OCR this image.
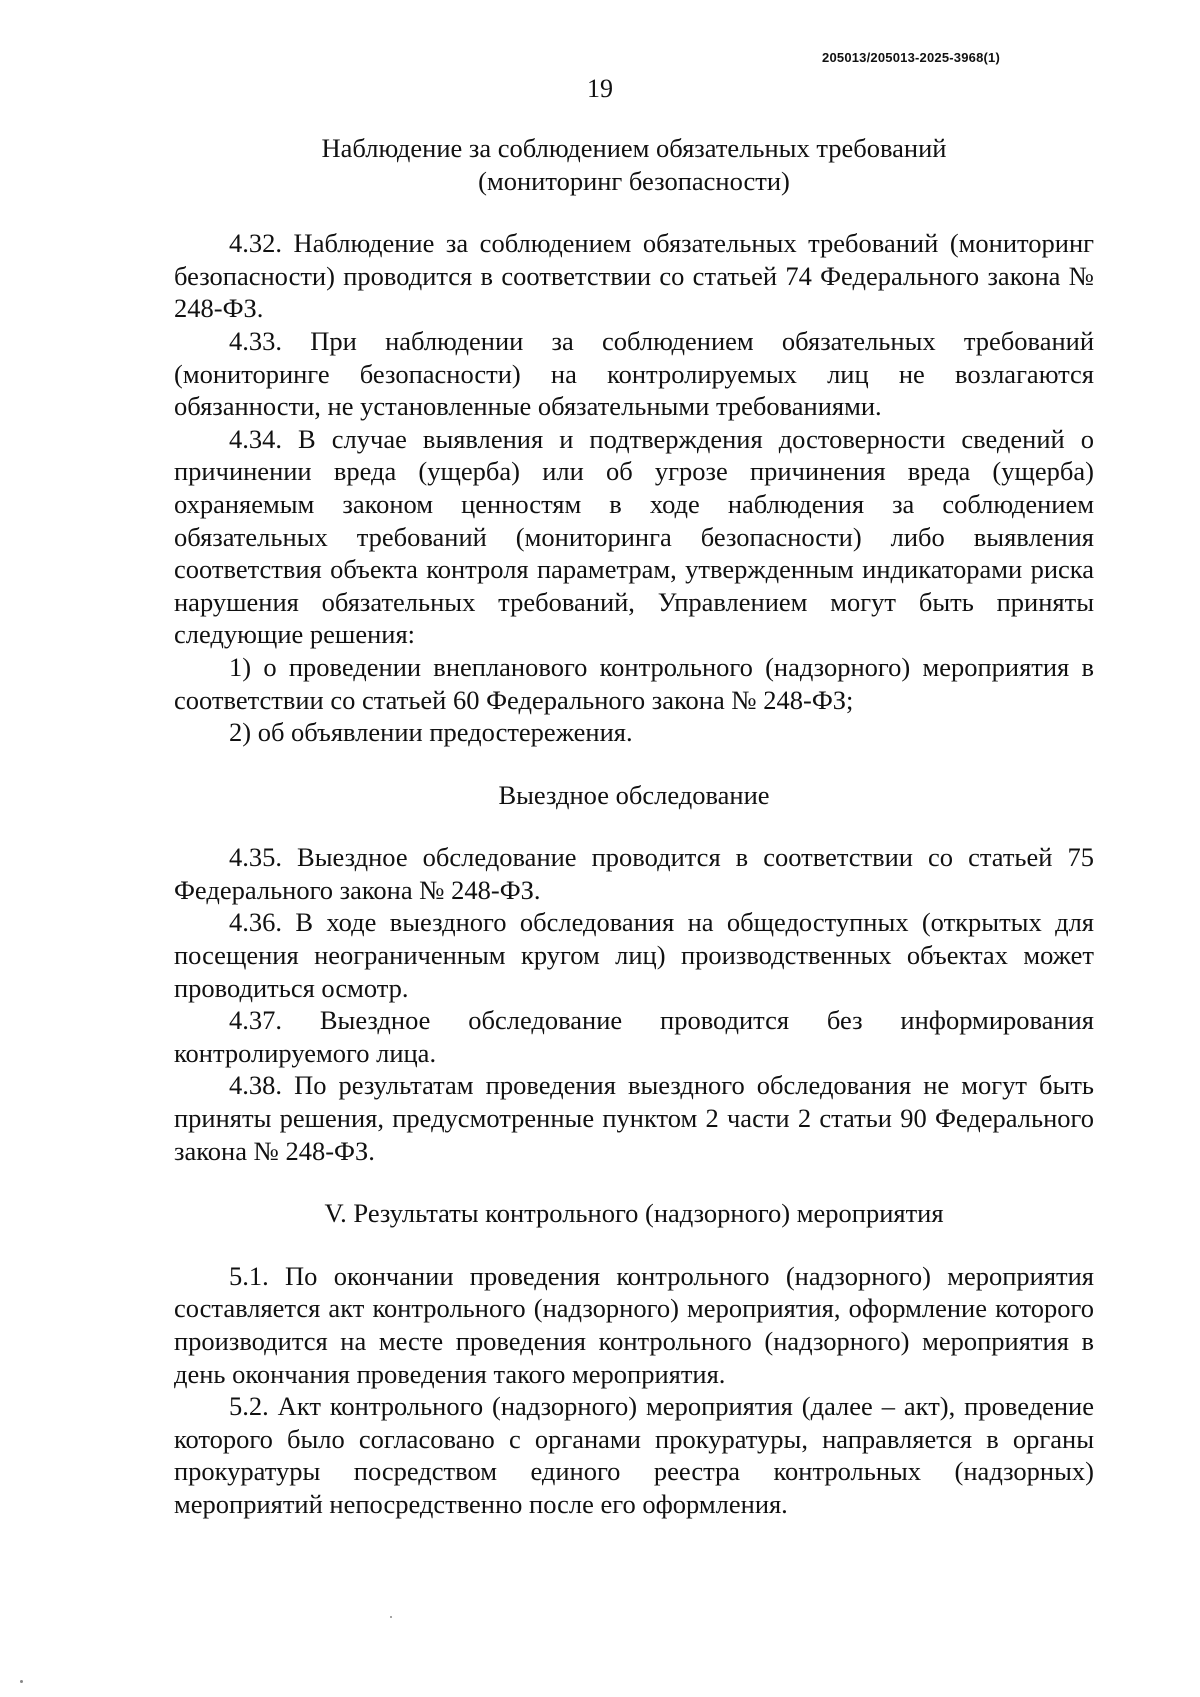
205013/205013-2025-3968(1)
19
Наблюдение за соблюдением обязательных требований
(мониторинг безопасности)

4.32. Наблюдение за соблюдением обязательных требований (мониторинг безопасности) проводится в соответствии со статьей 74 Федерального закона № 248-ФЗ.

4.33. При наблюдении за соблюдением обязательных требований (мониторинге безопасности) на контролируемых лиц не возлагаются обязанности, не установленные обязательными требованиями.

4.34. В случае выявления и подтверждения достоверности сведений о причинении вреда (ущерба) или об угрозе причинения вреда (ущерба) охраняемым законом ценностям в ходе наблюдения за соблюдением обязательных требований (мониторинга безопасности) либо выявления соответствия объекта контроля параметрам, утвержденным индикаторами риска нарушения обязательных требований, Управлением могут быть приняты следующие решения:

1) о проведении внепланового контрольного (надзорного) мероприятия в соответствии со статьей 60 Федерального закона № 248-ФЗ;

2) об объявлении предостережения.

Выездное обследование

4.35. Выездное обследование проводится в соответствии со статьей 75 Федерального закона № 248-ФЗ.

4.36. В ходе выездного обследования на общедоступных (открытых для посещения неограниченным кругом лиц) производственных объектах может проводиться осмотр.

4.37. Выездное обследование проводится без информирования контролируемого лица.

4.38. По результатам проведения выездного обследования не могут быть приняты решения, предусмотренные пунктом 2 части 2 статьи 90 Федерального закона № 248-ФЗ.

V. Результаты контрольного (надзорного) мероприятия

5.1. По окончании проведения контрольного (надзорного) мероприятия составляется акт контрольного (надзорного) мероприятия, оформление которого производится на месте проведения контрольного (надзорного) мероприятия в день окончания проведения такого мероприятия.

5.2. Акт контрольного (надзорного) мероприятия (далее – акт), проведение которого было согласовано с органами прокуратуры, направляется в органы прокуратуры посредством единого реестра контрольных (надзорных) мероприятий непосредственно после его оформления.
